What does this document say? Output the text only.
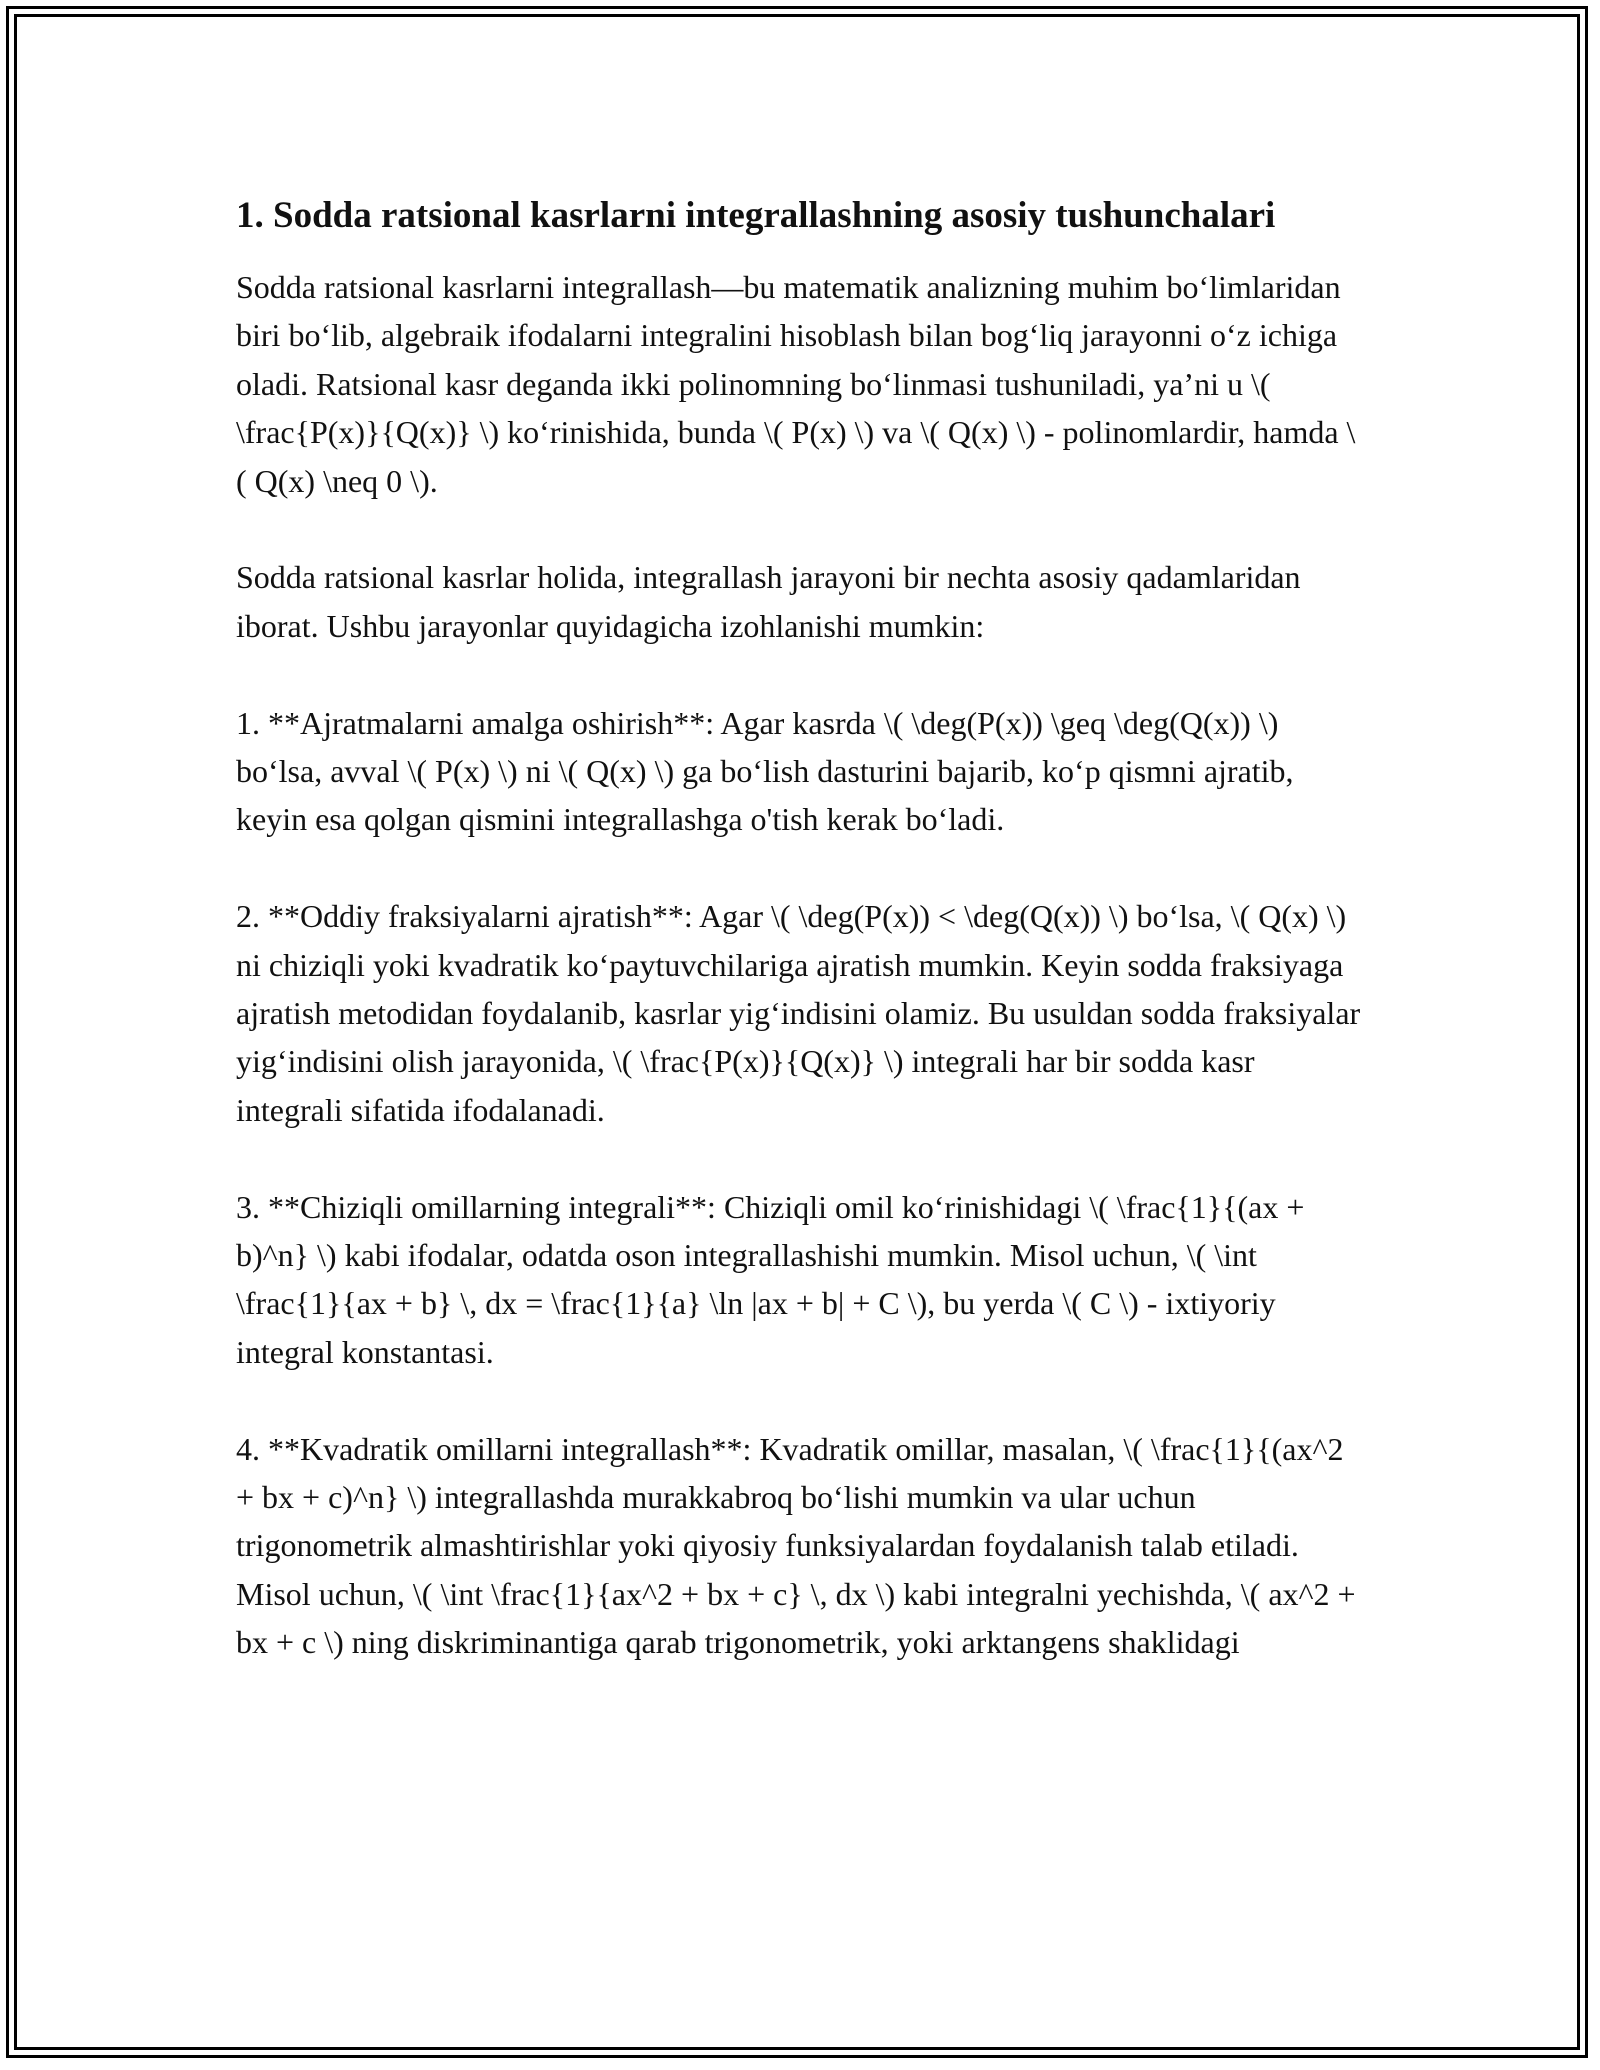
1. Sodda ratsional kasrlarni integrallashning asosiy tushunchalari

Sodda ratsional kasrlarni integrallash—bu matematik analizning muhim bo‘limlaridan biri bo‘lib, algebraik ifodalarni integralini hisoblash bilan bog‘liq jarayonni o‘z ichiga oladi. Ratsional kasr deganda ikki polinomning bo‘linmasi tushuniladi, ya’ni u \( \frac{P(x)}{Q(x)} \) ko‘rinishida, bunda \( P(x) \) va \( Q(x) \) - polinomlardir, hamda \( Q(x) \neq 0 \).

Sodda ratsional kasrlar holida, integrallash jarayoni bir nechta asosiy qadamlaridan iborat. Ushbu jarayonlar quyidagicha izohlanishi mumkin:

1. **Ajratmalarni amalga oshirish**: Agar kasrda \( \deg(P(x)) \geq \deg(Q(x)) \) bo‘lsa, avval \( P(x) \) ni \( Q(x) \) ga bo‘lish dasturini bajarib, ko‘p qismni ajratib, keyin esa qolgan qismini integrallashga o'tish kerak bo‘ladi.

2. **Oddiy fraksiyalarni ajratish**: Agar \( \deg(P(x)) < \deg(Q(x)) \) bo‘lsa, \( Q(x) \) ni chiziqli yoki kvadratik ko‘paytuvchilariga ajratish mumkin. Keyin sodda fraksiyaga ajratish metodidan foydalanib, kasrlar yig‘indisini olamiz. Bu usuldan sodda fraksiyalar yig‘indisini olish jarayonida, \( \frac{P(x)}{Q(x)} \) integrali har bir sodda kasr integrali sifatida ifodalanadi.

3. **Chiziqli omillarning integrali**: Chiziqli omil ko‘rinishidagi \( \frac{1}{(ax + b)^n} \) kabi ifodalar, odatda oson integrallashishi mumkin. Misol uchun, \( \int \frac{1}{ax + b} \, dx = \frac{1}{a} \ln |ax + b| + C \), bu yerda \( C \) - ixtiyoriy integral konstantasi.

4. **Kvadratik omillarni integrallash**: Kvadratik omillar, masalan, \( \frac{1}{(ax^2 + bx + c)^n} \) integrallashda murakkabroq bo‘lishi mumkin va ular uchun trigonometrik almashtirishlar yoki qiyosiy funksiyalardan foydalanish talab etiladi. Misol uchun, \( \int \frac{1}{ax^2 + bx + c} \, dx \) kabi integralni yechishda, \( ax^2 + bx + c \) ning diskriminantiga qarab trigonometrik, yoki arktangens shaklidagi
